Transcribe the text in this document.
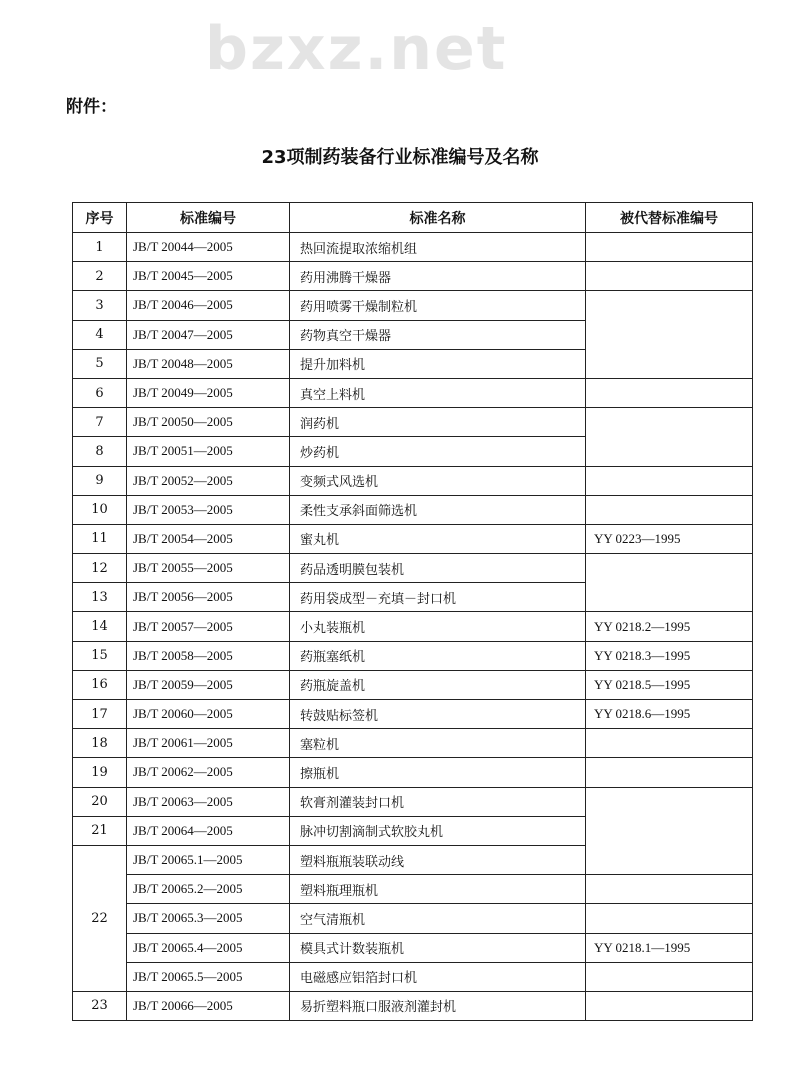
bzxz.net
附件：
23项制药装备行业标准编号及名称
序号	标准编号	标准名称	被代替标准编号
1	JB/T 20044—2005	热回流提取浓缩机组	
2	JB/T 20045—2005	药用沸腾干燥器	
3	JB/T 20046—2005	药用喷雾干燥制粒机	
4	JB/T 20047—2005	药物真空干燥器	
5	JB/T 20048—2005	提升加料机	
6	JB/T 20049—2005	真空上料机	
7	JB/T 20050—2005	润药机	
8	JB/T 20051—2005	炒药机	
9	JB/T 20052—2005	变频式风选机	
10	JB/T 20053—2005	柔性支承斜面筛选机	
11	JB/T 20054—2005	蜜丸机	YY 0223—1995
12	JB/T 20055—2005	药品透明膜包装机	
13	JB/T 20056—2005	药用袋成型－充填－封口机	
14	JB/T 20057—2005	小丸装瓶机	YY 0218.2—1995
15	JB/T 20058—2005	药瓶塞纸机	YY 0218.3—1995
16	JB/T 20059—2005	药瓶旋盖机	YY 0218.5—1995
17	JB/T 20060—2005	转鼓贴标签机	YY 0218.6—1995
18	JB/T 20061—2005	塞粒机	
19	JB/T 20062—2005	擦瓶机	
20	JB/T 20063—2005	软膏剂灌装封口机	
21	JB/T 20064—2005	脉冲切割滴制式软胶丸机	
22	JB/T 20065.1—2005	塑料瓶瓶装联动线	
	JB/T 20065.2—2005	塑料瓶理瓶机	
	JB/T 20065.3—2005	空气清瓶机	
	JB/T 20065.4—2005	模具式计数装瓶机	YY 0218.1—1995
	JB/T 20065.5—2005	电磁感应铝箔封口机	
23	JB/T 20066—2005	易折塑料瓶口服液剂灌封机	
